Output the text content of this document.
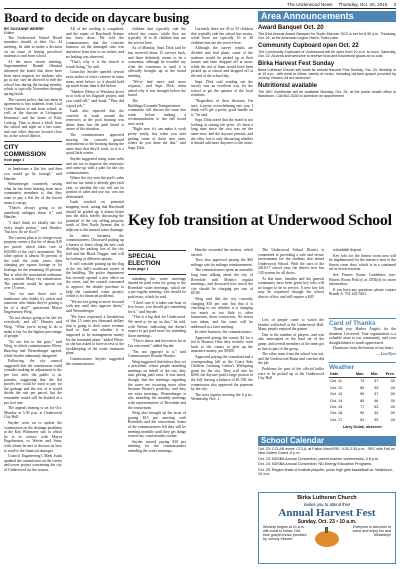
The Underwood News Thursday, Oct. 20, 2016 3
Board to decide on daycare busing
BY SUZANNE WERRE
Editor

The Underwood School Board members should, at their Oct. 24 meeting, be able to make a decision on an issue of busing preschool students to and from school.

At the most recent meeting, Superintendent Brandi Ohnstad informed the board that there have been more requests for students who go to day care be allowed to ride the school bus during the busing months, which is typically November through spring break.

The current policy that has been in agreement is bus students from Coal Creek Station to and from school, as well as the daycare at Livingston Insurance, and the home of Kitty Gulsvig. Thus is about a block from the school and right on a bus route, and one other daycare located close by, in the school district.

CITY COMMISSION
from page 1

or landowner a flat fee, and then you would go by footage," said Hausler.

Weisenberger countered, saying what he has been hearing from most community members is that they want to pay a flat fee of the lowest mean it can go.

"There's always going to be somebody unhappy about it," said Hausler.

"I don't think it's ideally fair for every single person," said Hausler, "but how do we fix it?"

The current plan is to charge every property owner a flat fee of about $19 per parcel, which takes care of $30,000 of the city's assessment. The other option is almost 50 percent of the total the early years, then charging per square footage or lot frontage for the remaining 50 percent. But is what the assessment ordinance says is unfair. Many city commission. The specials would be spread out over 15 years.

"Are we sure there isn't a landowner who thinks it's unfair and someone who thinks they're getting a bit of a deal?" questioned Mayor Engebretsen Weig.

"It's not always going to be fair for everybody, and all," Hausler said Weig. "What you're trying to do is make it fair for the highest percentage of people."

"It's not fair to the guys," said Weig, to which commissioners Wiese, Bauchop and Weisenberger agreed, while Snyder adamantly disagreed.

Following, the city council suggested that the commission could consider making an adjustment to the per foot after the public is in, pursuits, suggesting that the flat parcels fee could be used to pay for the garbage and the rest of it would divide the rate per parcel, but the remainder would still be divided at a per foot rate.

The appeals hearing is set for Oct. Monday at 5:30 p.m. at Underwood City Hall.

Snyder went on to update the commission on the drainage problems at the Kay Wittmayer site, to which he is in contact with Mayor Engebretsen, so Weiser and Sons, with whom he met to discuss on how to resolve the financial damages.

Council Engineering's Mark Isaak updated the commission on the streets and sewer project concerning the city of Underwood for the season.

All of the seeding is completed, and the repair of Burchardt Avenue has been done. He told the commissioners that the concrete business on the damaged sites was anywhere from four to six inches, and no leaking was observed.

"That's why it is the church is worth fixing," he said.

Councilor Snyder queried several extra inches of extra concrete in some areas, need before, so it should hold up much better than it did before.

"Shadow (Weiss of Weishes) drove in to look at his flagstaff project, and you could tell," said Isaak. "They did a good job."

Isaak also reported that the concrete in wash around the reservoirs at the pool housing was about done, but the park board is aware of the situation.

The commissioners approved moving the concrete ground assessments to the housing during the same time that they'd work, so it is a quick little winter.

Snyder suggested using some sales and use tax to improve the reservoirs and come up with a plan for the city commissioners.

Where the city uses the pool's sales and use tax funds it already gets each year, or whether the city will use its portion of sales and use tax, was not determined.

Isaak touched on potential mapping work, noting that Burchardt should be graded up, it drains better into the ditch, briefly discussing the potential of the city selling property south of Ben North Avenue that is adjacent to the natural water drainage.

In other business, the commissioners: Discussed putting up a barrier or fence along the new curb dividing the parking lots of the city hall and the Black Nugget, and will be looking at different options.

It will consider putting up the flag at the city hall's northwest corner of the building. The police department has recently opened a new office on the street, and the council consented to approve the double purchase to help the combined water project, which is for financial problems.

"We are not going to move forward with any until they approve theirs," said Weisenberger.

"We have requested a breakdown of that 15 cents per thousand dollars that is going to their water revenue fund to find out whether it is supposed to be management money for the treatment plant," added Wiese, as she has asked to have access to the bookkeeping of the water treatment plant.

Commissioner Snyder suggested the commissioners

children that typically ride the school bus routes, while they are typically 10 to 20 children that use the service here.

As of Monday, Supt. Dick said he has received about 15 surveys back, and there definitely seems to be a consensus, although he wouldn't say what the consensus is until it is officially brought up at the board meeting.

"We've had more and more requests," said Supt. Dick, when asked why it was brought before the board.

The Buildings/Grounds/Transportation committee will discuss the issue this week before making a recommendation to the full board next week.

"Right now it's can make it work pretty easily, but when you start getting some of these new ones, where do you draw the line," said Supt. Dick.

Currently there are 45 to 55 children that typically ride the school bus routes, while there are typically 10 to 20 children that use the service here.

Although the survey results are divided into bad plans, some of the students would be picked up at their homes and then dropped off at noon, while the rest of them would have been picked up at school and dropped off at the end of the school day.

Supt. Dick said sending out the survey was an excellent way for the school to get the opinion of the local residents.

"Regardless of their decision, I'm sure, it pretty overwhelming one way. I think we'll get a pretty good handle on it," he said.

Supt. Dick noted that the board is not looking at raising the price, it's been a long time since the cost was set the same now, and the daycare parents, and the offer, but is only discussing whether it should add more daycares to the route.

Area Announcements
Award Banquet Oct. 20

The 81st Annual Award Banquet for South McLean SCD is set for 6:30 p.m. Thursday, Oct. 20, at the American Legion Hall in Turtle Lake.

Community Cupboard open Oct. 22

The Community Cupboard of Underwood will be open from 10 a.m. to noon, Saturday, Oct. 22. All area and welcome to receive food and household goods at no cost.

Birka Harvest Fest Sunday

Birka Lutheran Church will holds its annual Harvest Fest Sunday, Oct. 23. Worship is at 10 a.m., with meal to follow, variety of music, including old-time gospel provided by Johnny Vincent. All are welcome!

Nutritionist available

The WIC Nutritionist will be available Monday, Oct. 24, at the public health office in Washburn. Call 462-3330 to schedule an appointment.

Key fob transition at Underwood School
SPECIAL ELECTION
from page 1

attending the water meetings should be paid extra for going to the Riverdale water meetings, which are a pre-regular meeting, who should be paid extra, which he said.

"I don't care if it takes one hour or five hours, you should get something for it," said Snyder.

"This is a big deal for Underwood. We need to be up on this," he told, with Weiser, indicating she doesn't expect to get paid more for attending those meetings.

"This is above and beyond as far as I'm concerned," added Snyder.

"I'm not opposed to it," said Commissioner Rosalie Hausler.

Weig suggested that before they set a precedent, where people attending meetings on behalf of the city, they start getting paid extra. It was noted, though, that the meetings regarding the water are occurring more often because Weiser's portfolio, and they are extra meetings. Weisenberger is also attending the monthly meetings with representatives of Riverdale and the consortium.

Weig also brought up the issue of paying $15 per meeting with Riverdale and the consortium. Some of the commissioners felt they will be meeting monthly until they get things ironed out, some months sooner.

Snyder moved paying $10 per meeting for the commissioners attending the water meetings.

Hausler seconded the motion, which carried.

They also approved paying the $65 mileage rate for mileage reimbursement.

The commissioners spent an amicable long time talking about the city of Riverdale with Mindy's regular meetings, and discussed how much the city should be charging per rate of $5.00.

Weig said that the city currently charging $10 per rate, but that it is checking to see whether it is charging too much or too little to other businesses, these contractors. No action was taken, and the issue will be addressed at a later meeting.

In other business, the commissioners:

Approved giving the county $2 for a fee to Hausers Ohio they recently went back to the county to pick up the insurance money, per $5000.

Approved paying the consultant and a corresponding bill at the Coast Side Children Learning Center's Wellspring grant for the city. They will also be $200, the daycare paid a large portion of the bill, leaving a balance of $1,700, the commission also approved the payment by the city.

The next regular meeting the 6 p.m., Wednesday Nov. 1.

The Underwood School District is committed to providing a safe and secure environment for the students that attend Underwood School. With the start of the 2016-17 school year, the district now has 145 system for all doors.

At this time, families and the general community have been given key fobs will no longer to be in service. A new key fob may be requested through the school district office, and will require a $20

refundable deposit.

Key fobs for the fitness room area will be implemented for the entrance next to the fitness room door, which is in a continued set in seven sessions.

See Fitness Room Guidelines (see. Fitness Room Policy) at 4704(d) for more information.

If you have any questions, please contact Brandi A. 701-442-3201.

Card of Thanks

Thank you, Harbor Angels, for the donation I received. Your organization is a valuable asset to our community, and your thoughtfulness is much appreciated.

Donations from the bottom of my heart.

— Lisa Dyer

Lots of people came to watch the bracket volleyball at the Underwood Hall. Many people enjoyed the games.

Due to the number of players, and was also interrupted in the final set of the game, and several members of the team got in line as part of the group.

The other team from the school was out, and the Underwood Rams and coaches did the job.

Problems for part of the official ballot were to be picked up at the Underwood City Hall.

Weather
Date	Max.	Min.	Prec.
Oct. 11	73	37	.00
Oct. 12	65	39	.00
Oct. 13	59	37	.00
Oct. 14	65	46	.00
Oct. 15	77	53	.00
Oct. 16	59	35	.00
Oct. 17	54	35	.00
Larry Dolak, observer
School Calendar

Oct. 23: CCLAB event: CCLA, at Fallon Men/GRE, 9:30-3:30 p.m., SRC with Fall vs. New Salem Grand, 6 p.m.

Oct. 23: NDSBA Annual Convention; parent-teacher conferences, 4-8 p.m.

Oct. 24: NDSBA Annual Convention; ND Energy Education Programs.

Oct. 25: Region finals of football playoffs; junior high girls basketball vs. Washburn, 10 a.m.

Birka Lutheran Church
invites you to attend their
Annual Harvest Fest
Sunday, Oct. 23 • 10 a.m.
Worship begins at 10 a.m. with meal to follow. Old-time gospel music provided by Johnny Vincent.
Everyone is welcome to come and enjoy fun and fellowship!
